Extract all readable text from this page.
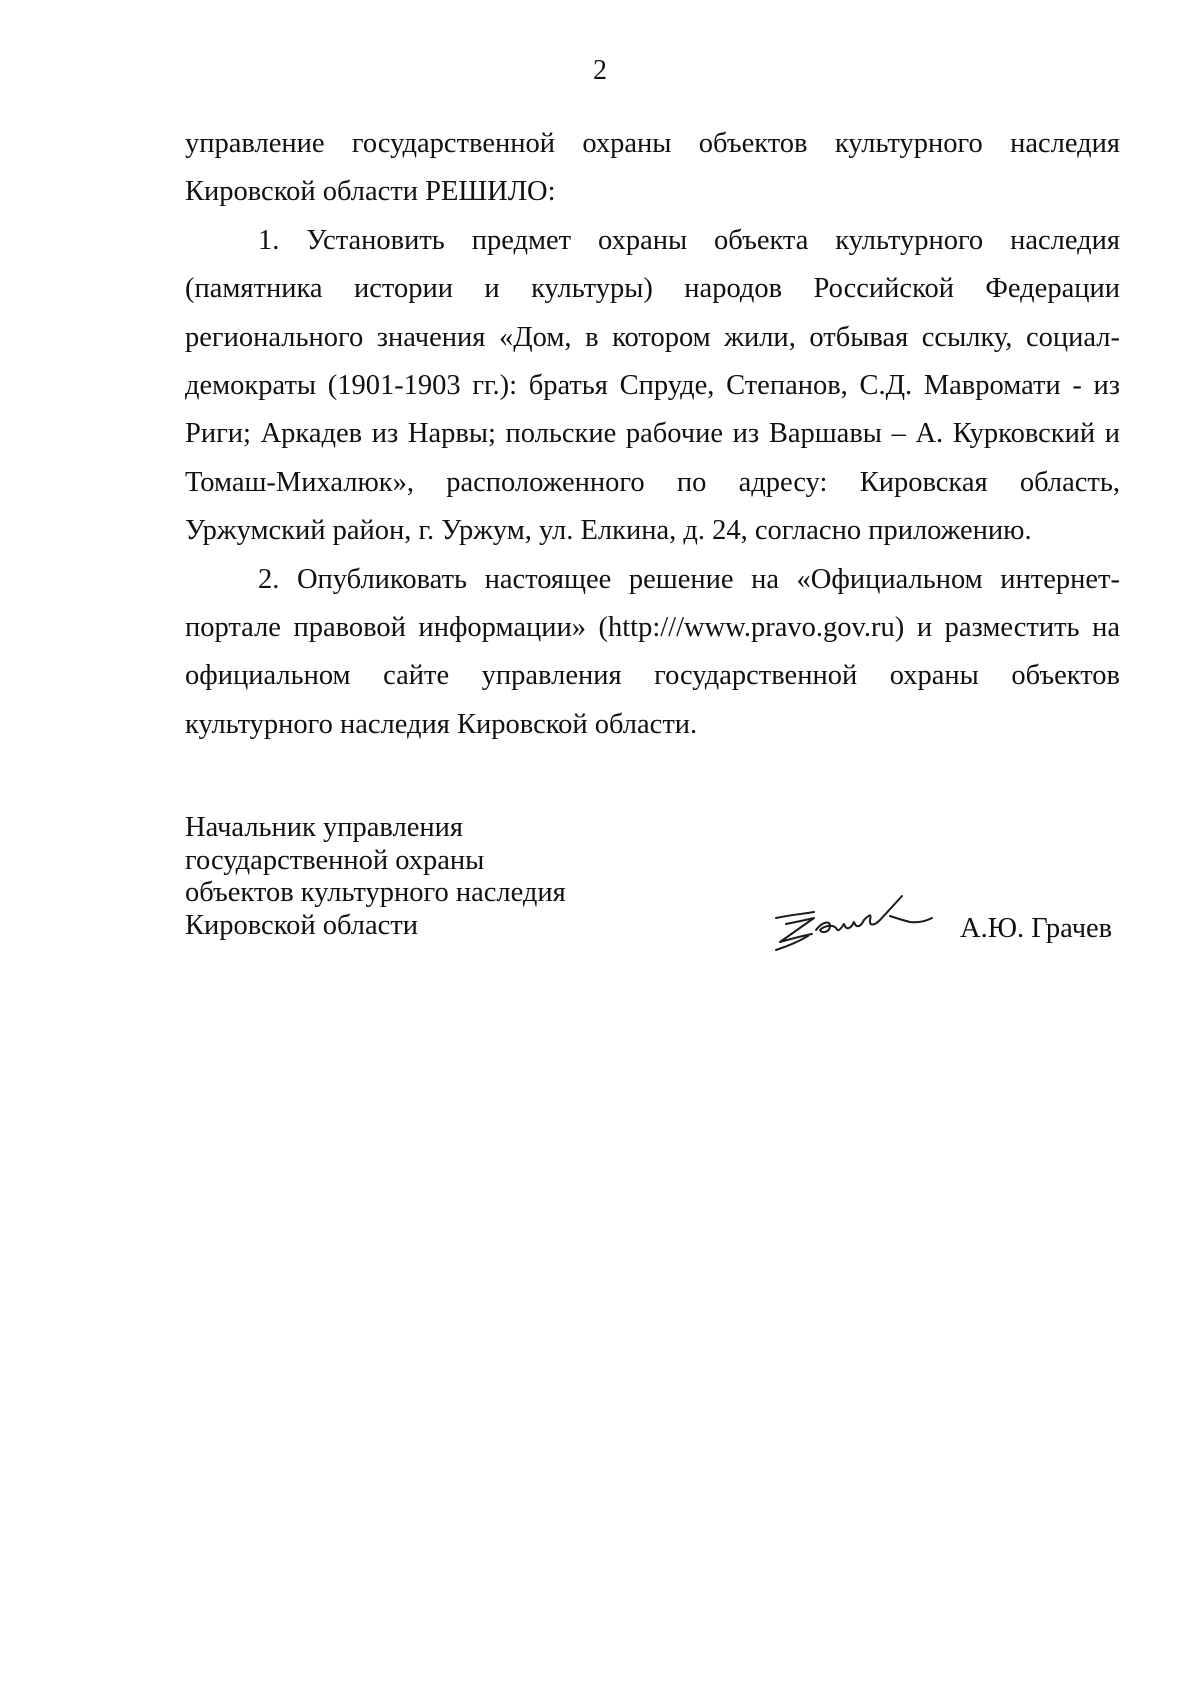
2

управление государственной охраны объектов культурного наследия Кировской области РЕШИЛО:

1. Установить предмет охраны объекта культурного наследия (памятника истории и культуры) народов Российской Федерации регионального значения «Дом, в котором жили, отбывая ссылку, социал-демократы (1901-1903 гг.): братья Спруде, Степанов, С.Д. Мавромати - из Риги; Аркадев из Нарвы; польские рабочие из Варшавы – А. Курковский и Томаш-Михалюк», расположенного по адресу: Кировская область, Уржумский район, г. Уржум, ул. Елкина, д. 24, согласно приложению.

2. Опубликовать настоящее решение на «Официальном интернет-портале правовой информации» (http:///www.pravo.gov.ru) и разместить на официальном сайте управления государственной охраны объектов культурного наследия Кировской области.

Начальник управления
государственной охраны
объектов культурного наследия
Кировской области	А.Ю. Грачев
